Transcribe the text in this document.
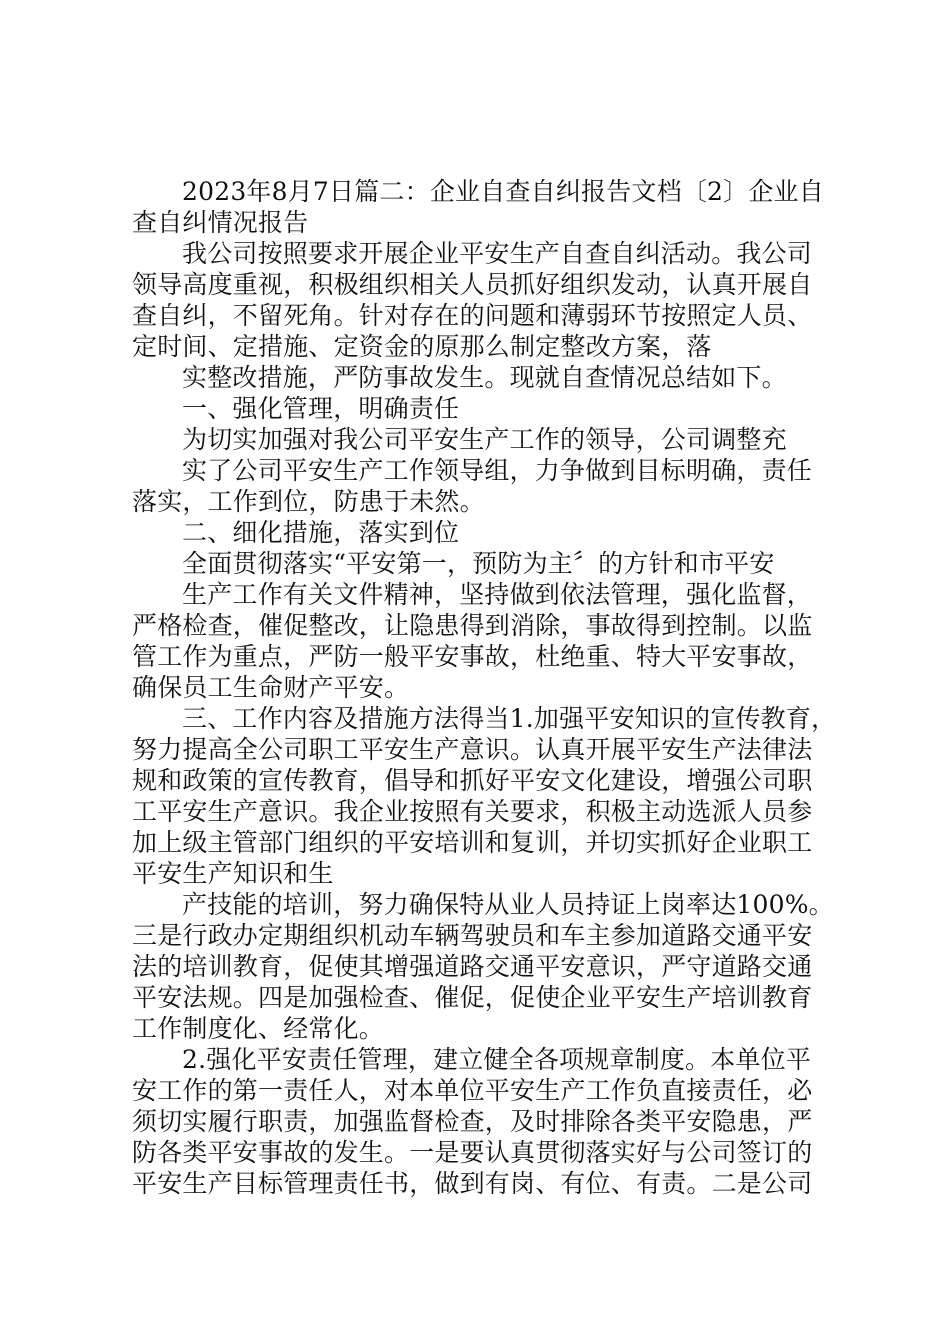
2023年8月7日篇二：企业自查自纠报告文档〔2〕企业自
查自纠情况报告
我公司按照要求开展企业平安生产自查自纠活动。我公司
领导高度重视，积极组织相关人员抓好组织发动，认真开展自
查自纠，不留死角。针对存在的问题和薄弱环节按照定人员、
定时间、定措施、定资金的原那么制定整改方案，落
实整改措施，严防事故发生。现就自查情况总结如下。
一、强化管理，明确责任
为切实加强对我公司平安生产工作的领导，公司调整充
实了公司平安生产工作领导组，力争做到目标明确，责任
落实，工作到位，防患于未然。
二、细化措施，落实到位
全面贯彻落实“平安第一，预防为主〞的方针和市平安
生产工作有关文件精神，坚持做到依法管理，强化监督，
严格检查，催促整改，让隐患得到消除，事故得到控制。以监
管工作为重点，严防一般平安事故，杜绝重、特大平安事故，
确保员工生命财产平安。
三、工作内容及措施方法得当1.加强平安知识的宣传教育，
努力提高全公司职工平安生产意识。认真开展平安生产法律法
规和政策的宣传教育，倡导和抓好平安文化建设，增强公司职
工平安生产意识。我企业按照有关要求，积极主动选派人员参
加上级主管部门组织的平安培训和复训，并切实抓好企业职工
平安生产知识和生
产技能的培训，努力确保特从业人员持证上岗率达100%。
三是行政办定期组织机动车辆驾驶员和车主参加道路交通平安
法的培训教育，促使其增强道路交通平安意识，严守道路交通
平安法规。四是加强检查、催促，促使企业平安生产培训教育
工作制度化、经常化。
2.强化平安责任管理，建立健全各项规章制度。本单位平
安工作的第一责任人，对本单位平安生产工作负直接责任，必
须切实履行职责，加强监督检查，及时排除各类平安隐患，严
防各类平安事故的发生。一是要认真贯彻落实好与公司签订的
平安生产目标管理责任书，做到有岗、有位、有责。二是公司
